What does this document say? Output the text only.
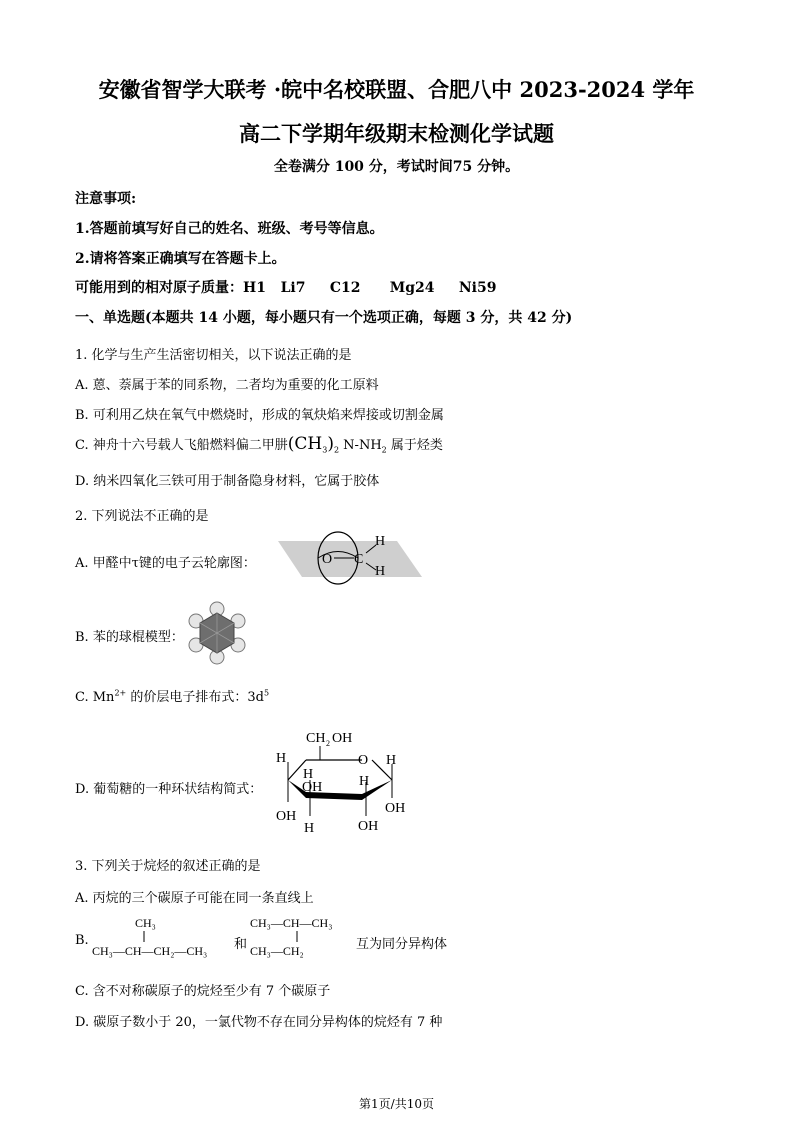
安徽省智学大联考 ·皖中名校联盟、合肥八中 2023-2024 学年
高二下学期年级期末检测化学试题
全卷满分 100 分，考试时间75 分钟。
注意事项:
1.答题前填写好自己的姓名、班级、考号等信息。
2.请将答案正确填写在答题卡上。
可能用到的相对原子质量：H1   Li7     C12      Mg24     Ni59
一、单选题(本题共 14 小题，每小题只有一个选项正确，每题 3 分，共 42 分)
1. 化学与生产生活密切相关，以下说法正确的是
A. 蒽、萘属于苯的同系物，二者均为重要的化工原料
B. 可利用乙炔在氧气中燃烧时，形成的氧炔焰来焊接或切割金属
C. 神舟十六号载人飞船燃料偏二甲肼$(CH_3)_2$ $N-NH_2$ 属于烃类
D. 纳米四氧化三铁可用于制备隐身材料，它属于胶体
2. 下列说法不正确的是
A. 甲醛中τ键的电子云轮廓图：	O C
H
H
B. 苯的球棍模型：
C. $Mn^{2+}$ 的价层电子排布式：$3d^5$
D. 葡萄糖的一种环状结构简式：
CH 2 OH
O
H
H
H
H
H
OH
OH
OH
OH
3. 下列关于烷烃的叙述正确的是
A. 丙烷的三个碳原子可能在同一条直线上
B.
CH₃
CH₃—CH—CH₂—CH₃ 和
CH₃—CH—CH₃
CH₃—CH₂	互为同分异构体
C. 含不对称碳原子的烷烃至少有 7 个碳原子
D. 碳原子数小于 20，一氯代物不存在同分异构体的烷烃有 7 种
第1页/共10页
